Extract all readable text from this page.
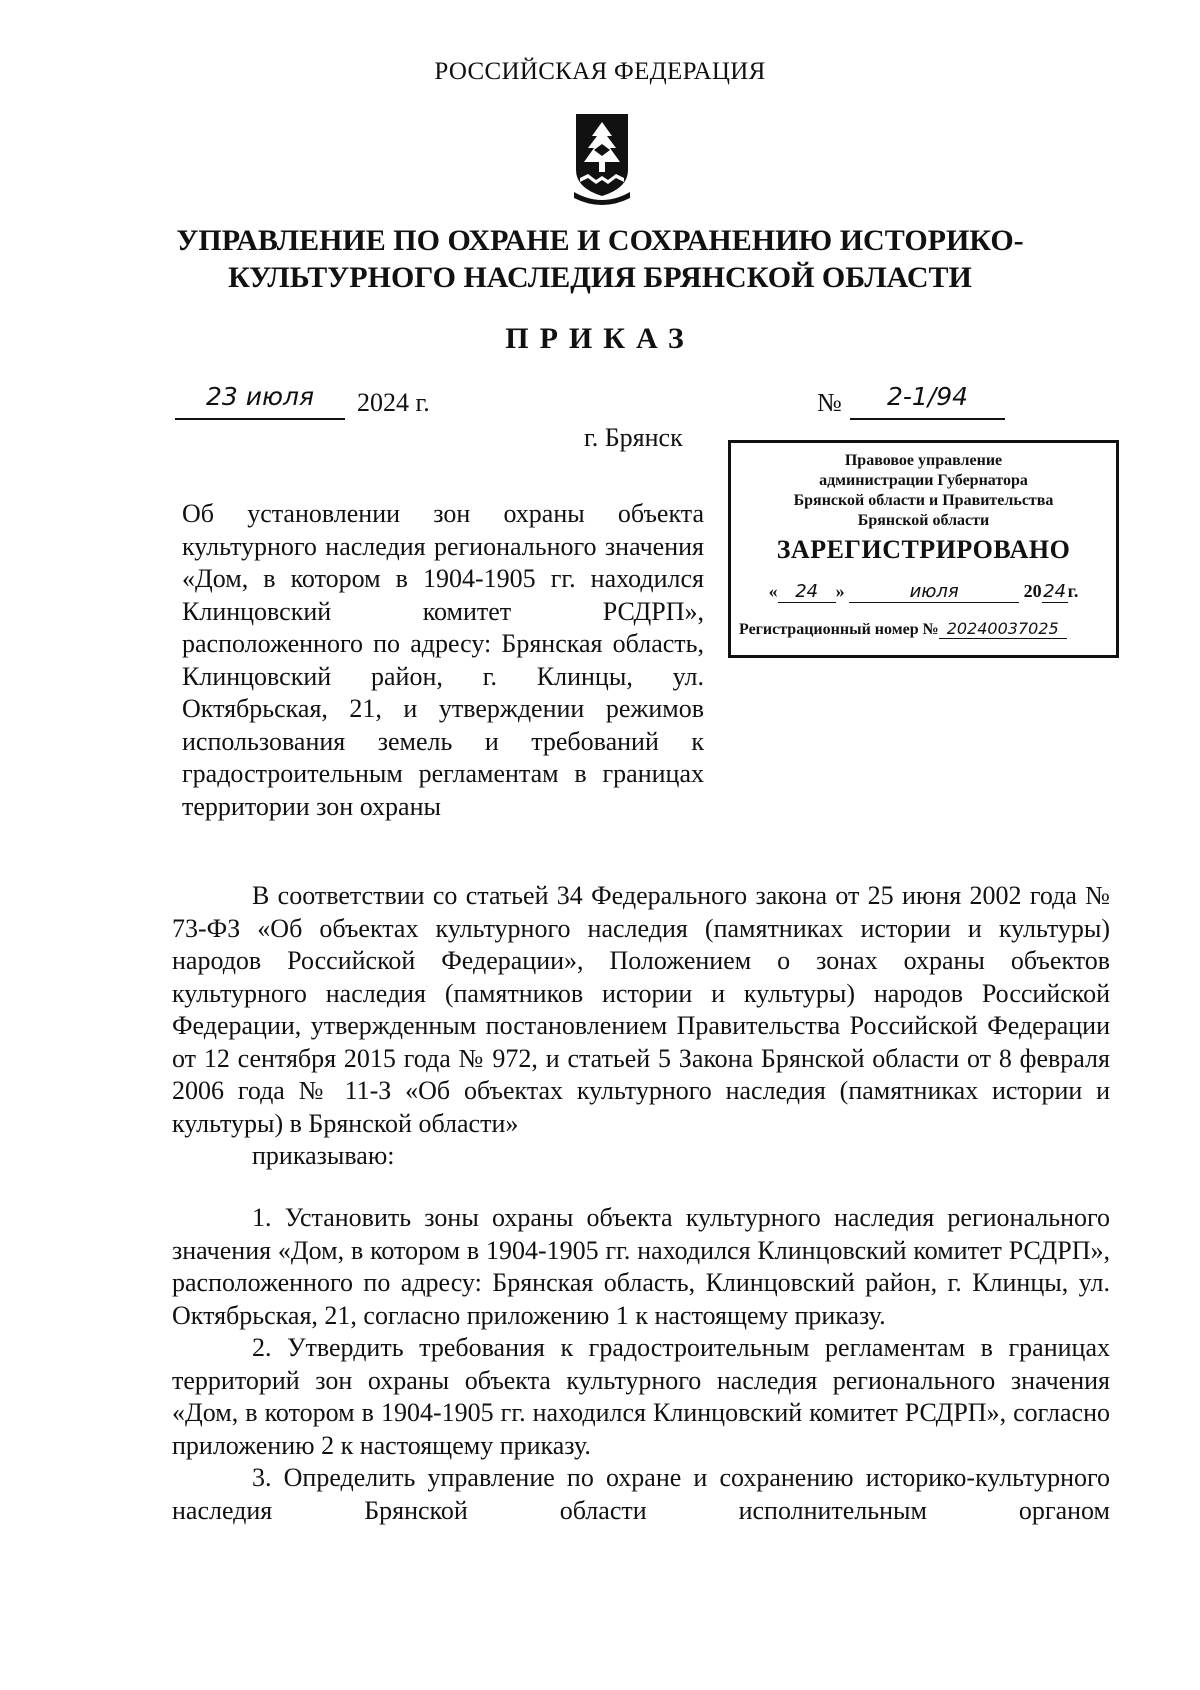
РОССИЙСКАЯ ФЕДЕРАЦИЯ
УПРАВЛЕНИЕ ПО ОХРАНЕ И СОХРАНЕНИЮ ИСТОРИКО-
КУЛЬТУРНОГО НАСЛЕДИЯ БРЯНСКОЙ ОБЛАСТИ
ПРИКАЗ
23 июля	2024 г.	№	2-1/94
г. Брянск
Правовое управление
администрации Губернатора
Брянской области и Правительства
Брянской области
ЗАРЕГИСТРИРОВАНО
« 24 »	июля	2024г.
Регистрационный номер № 20240037025
Об установлении зон охраны объекта культурного наследия регионального значения «Дом, в котором в 1904-1905 гг. находился Клинцовский комитет РСДРП», расположенного по адресу: Брянская область, Клинцовский район, г. Клинцы, ул. Октябрьская, 21, и утверждении режимов использования земель и требований к градостроительным регламентам в границах территории зон охраны

В соответствии со статьей 34 Федерального закона от 25 июня 2002 года № 73-ФЗ «Об объектах культурного наследия (памятниках истории и культуры) народов Российской Федерации», Положением о зонах охраны объектов культурного наследия (памятников истории и культуры) народов Российской Федерации, утвержденным постановлением Правительства Российской Федерации от 12 сентября 2015 года № 972, и статьей 5 Закона Брянской области от 8 февраля 2006 года № 11-З «Об объектах культурного наследия (памятниках истории и культуры) в Брянской области»

приказываю:

1. Установить зоны охраны объекта культурного наследия регионального значения «Дом, в котором в 1904-1905 гг. находился Клинцовский комитет РСДРП», расположенного по адресу: Брянская область, Клинцовский район, г. Клинцы, ул. Октябрьская, 21, согласно приложению 1 к настоящему приказу.

2. Утвердить требования к градостроительным регламентам в границах территорий зон охраны объекта культурного наследия регионального значения «Дом, в котором в 1904-1905 гг. находился Клинцовский комитет РСДРП», согласно приложению 2 к настоящему приказу.

3. Определить управление по охране и сохранению историко-культурного наследия Брянской области исполнительным органом
